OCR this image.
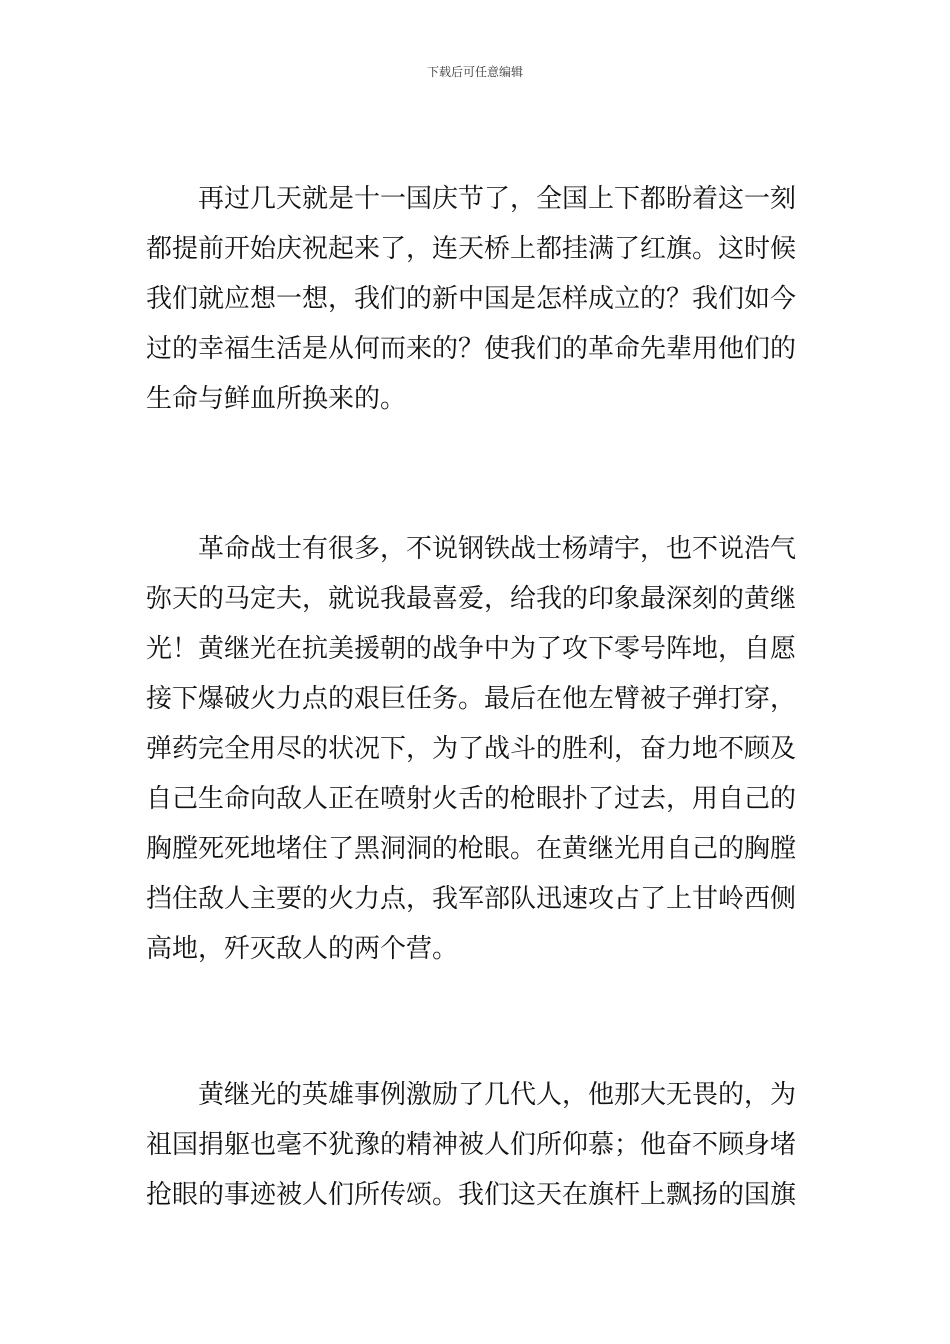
下载后可任意编辑

再过几天就是十一国庆节了，全国上下都盼着这一刻
都提前开始庆祝起来了，连天桥上都挂满了红旗。这时候
我们就应想一想，我们的新中国是怎样成立的？我们如今
过的幸福生活是从何而来的？使我们的革命先辈用他们的
生命与鲜血所换来的。

革命战士有很多，不说钢铁战士杨靖宇，也不说浩气
弥天的马定夫，就说我最喜爱，给我的印象最深刻的黄继
光！黄继光在抗美援朝的战争中为了攻下零号阵地，自愿
接下爆破火力点的艰巨任务。最后在他左臂被子弹打穿，
弹药完全用尽的状况下，为了战斗的胜利，奋力地不顾及
自己生命向敌人正在喷射火舌的枪眼扑了过去，用自己的
胸膛死死地堵住了黑洞洞的枪眼。在黄继光用自己的胸膛
挡住敌人主要的火力点，我军部队迅速攻占了上甘岭西侧
高地，歼灭敌人的两个营。

黄继光的英雄事例激励了几代人，他那大无畏的，为
祖国捐躯也毫不犹豫的精神被人们所仰慕；他奋不顾身堵
抢眼的事迹被人们所传颂。我们这天在旗杆上飘扬的国旗
